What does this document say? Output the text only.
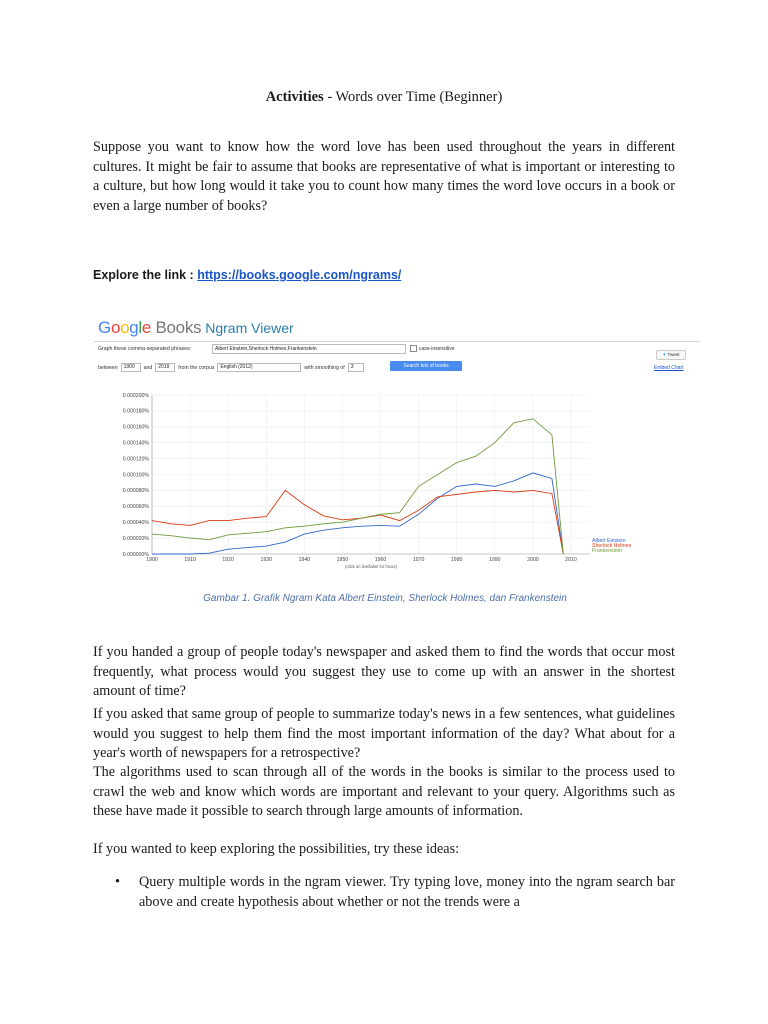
Activities - Words over Time (Beginner)
Suppose you want to know how the word love has been used throughout the years in different cultures. It might be fair to assume that books are representative of what is important or interesting to a culture, but how long would it take you to count how many times the word love occurs in a book or even a large number of books?
Explore the link : https://books.google.com/ngrams/
Google Books Ngram Viewer
Graph these comma-separated phrases:	Albert Einstein,Sherlock Holmes,Frankenstein	case-insensitive
between 1900 and 2019 from the corpus English (2012)	with smoothing of 3	Search lots of books
✦ Tweet
Embed Chart
0.000000%
0.000020%
0.000040%
0.000060%
0.000080%
0.000100%
0.000120%
0.000140%
0.000160%
0.000180%
0.000200%
1900	1910	1920	1930	1940	1950	1960	1970	1980	1990	2000	2010
Albert Einstein
Sherlock Holmes
Frankenstein
(click on line/label for focus)
Gambar 1. Grafik Ngram Kata Albert Einstein, Sherlock Holmes, dan Frankenstein
If you handed a group of people today's newspaper and asked them to find the words that occur most frequently, what process would you suggest they use to come up with an answer in the shortest amount of time?
If you asked that same group of people to summarize today's news in a few sentences, what guidelines would you suggest to help them find the most important information of the day? What about for a year's worth of newspapers for a retrospective?
The algorithms used to scan through all of the words in the books is similar to the process used to crawl the web and know which words are important and relevant to your query. Algorithms such as these have made it possible to search through large amounts of information.
If you wanted to keep exploring the possibilities, try these ideas:
• Query multiple words in the ngram viewer. Try typing love, money into the ngram search bar above and create hypothesis about whether or not the trends were a
